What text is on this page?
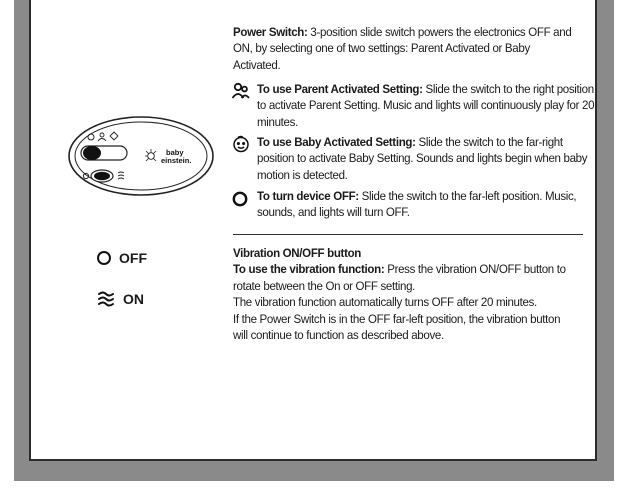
baby
einstein.
OFF
ON
Power Switch: 3-position slide switch powers the electronics OFF and ON, by selecting one of two settings: Parent Activated or Baby Activated.
To use Parent Activated Setting: Slide the switch to the right position to activate Parent Setting. Music and lights will continuously play for 20 minutes.
To use Baby Activated Setting: Slide the switch to the far-right position to activate Baby Setting. Sounds and lights begin when baby motion is detected.
To turn device OFF: Slide the switch to the far-left position. Music, sounds, and lights will turn OFF.
Vibration ON/OFF button
To use the vibration function: Press the vibration ON/OFF button to rotate between the On or OFF setting.
The vibration function automatically turns OFF after 20 minutes.
If the Power Switch is in the OFF far-left position, the vibration button will continue to function as described above.
